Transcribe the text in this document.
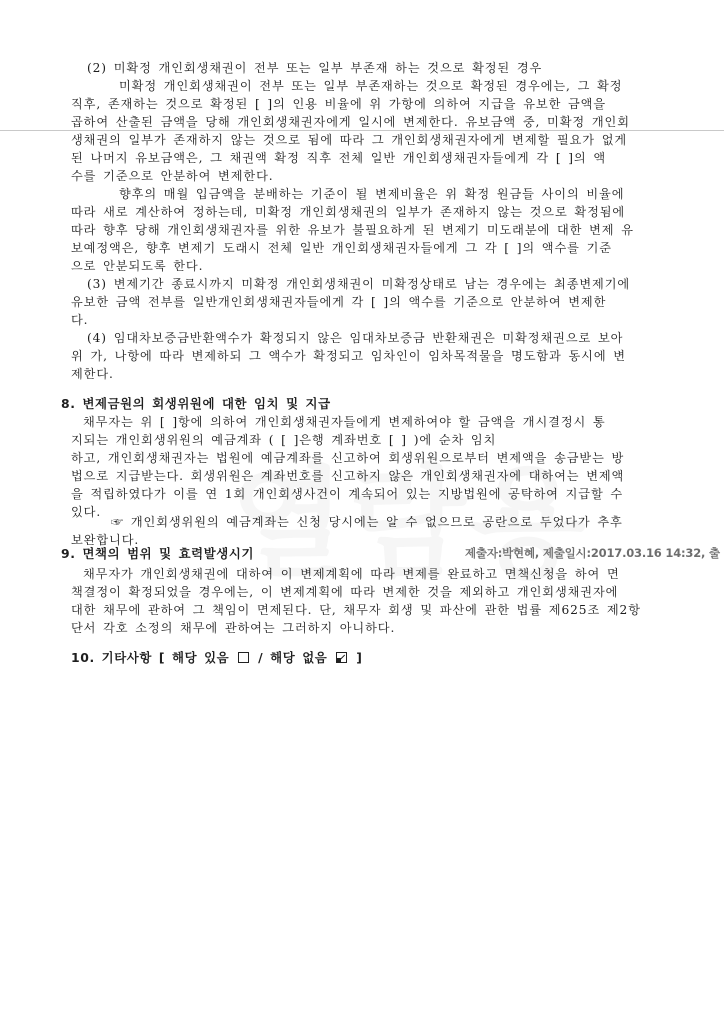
(2) 미확정 개인회생채권이 전부 또는 일부 부존재 하는 것으로 확정된 경우
미확정 개인회생채권이 전부 또는 일부 부존재하는 것으로 확정된 경우에는, 그 확정
직후, 존재하는 것으로 확정된 [ ]의 인용 비율에 위 가항에 의하여 지급을 유보한 금액을
곱하여 산출된 금액을 당해 개인회생채권자에게 일시에 변제한다. 유보금액 중, 미확정 개인회
생채권의 일부가 존재하지 않는 것으로 됨에 따라 그 개인회생채권자에게 변제할 필요가 없게
된 나머지 유보금액은, 그 채권액 확정 직후 전체 일반 개인회생채권자들에게 각 [ ]의 액
수를 기준으로 안분하여 변제한다.
향후의 매월 입금액을 분배하는 기준이 될 변제비율은 위 확정 원금들 사이의 비율에
따라 새로 계산하여 정하는데, 미확정 개인회생채권의 일부가 존재하지 않는 것으로 확정됨에
따라 향후 당해 개인회생채권자를 위한 유보가 불필요하게 된 변제기 미도래분에 대한 변제 유
보예정액은, 향후 변제기 도래시 전체 일반 개인회생채권자들에게 그 각 [ ]의 액수를 기준
으로 안분되도록 한다.
(3) 변제기간 종료시까지 미확정 개인회생채권이 미확정상태로 남는 경우에는 최종변제기에
유보한 금액 전부를 일반개인회생채권자들에게 각 [ ]의 액수를 기준으로 안분하여 변제한
다.
(4) 임대차보증금반환액수가 확정되지 않은 임대차보증금 반환채권은 미확정채권으로 보아
위 가, 나항에 따라 변제하되 그 액수가 확정되고 임차인이 임차목적물을 명도함과 동시에 변
제한다.
8. 변제금원의 회생위원에 대한 임치 및 지급
채무자는 위 [ ]항에 의하여 개인회생채권자들에게 변제하여야 할 금액을 개시결정시 통
지되는 개인회생위원의 예금계좌 ( [ ]은행 계좌번호 [ ] )에 순차 임치
하고, 개인회생채권자는 법원에 예금계좌를 신고하여 회생위원으로부터 변제액을 송금받는 방
법으로 지급받는다. 회생위원은 계좌번호를 신고하지 않은 개인회생채권자에 대하여는 변제액
을 적립하였다가 이를 연 1회 개인회생사건이 계속되어 있는 지방법원에 공탁하여 지급할 수
있다.
☞ 개인회생위원의 예금계좌는 신청 당시에는 알 수 없으므로 공란으로 두었다가 추후
보완합니다.
제출자:박현혜, 제출일시:2017.03.16 14:32, 출
9. 면책의 범위 및 효력발생시기
채무자가 개인회생채권에 대하여 이 변제계획에 따라 변제를 완료하고 면책신청을 하여 면
책결정이 확정되었을 경우에는, 이 변제계획에 따라 변제한 것을 제외하고 개인회생채권자에
대한 채무에 관하여 그 책임이 면제된다. 단, 채무자 회생 및 파산에 관한 법률 제625조 제2항
단서 각호 소정의 채무에 관하여는 그러하지 아니하다.
10. 기타사항 [ 해당 있음 / 해당 없음 ]
